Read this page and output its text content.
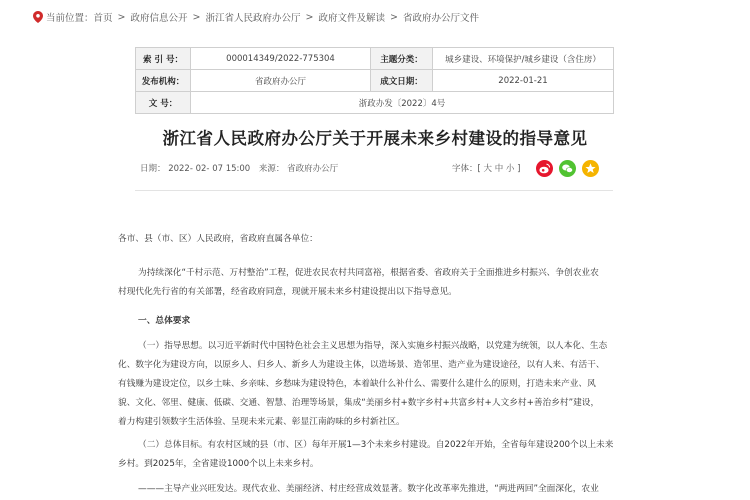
当前位置： 首页 > 政府信息公开 > 浙江省人民政府办公厅 > 政府文件及解读 > 省政府办公厅文件
索 引 号：	000014349/2022-775304	主题分类：	城乡建设、环境保护/城乡建设（含住房）
发布机构：	省政府办公厅	成文日期：	2022-01-21
文 号：	浙政办发〔2022〕4号		
浙江省人民政府办公厅关于开展未来乡村建设的指导意见
日期： 2022- 02- 07 15:00 来源： 省政府办公厅	字体：[ 大 中 小 ]

各市、县（市、区）人民政府，省政府直属各单位：

为持续深化“千村示范、万村整治”工程，促进农民农村共同富裕，根据省委、省政府关于全面推进乡村振兴、争创农业农

村现代化先行省的有关部署，经省政府同意，现就开展未来乡村建设提出以下指导意见。

一、总体要求

（一）指导思想。以习近平新时代中国特色社会主义思想为指导，深入实施乡村振兴战略，以党建为统领，以人本化、生态

化、数字化为建设方向，以原乡人、归乡人、新乡人为建设主体，以造场景、造邻里、造产业为建设途径，以有人来、有活干、

有钱赚为建设定位，以乡土味、乡亲味、乡愁味为建设特色，本着缺什么补什么、需要什么建什么的原则，打造未来产业、风

貌、文化、邻里、健康、低碳、交通、智慧、治理等场景，集成“美丽乡村+数字乡村+共富乡村+人文乡村+善治乡村”建设，

着力构建引领数字生活体验、呈现未来元素、彰显江南韵味的乡村新社区。

（二）总体目标。有农村区域的县（市、区）每年开展1—3个未来乡村建设。自2022年开始，全省每年建设200个以上未来

乡村。到2025年，全省建设1000个以上未来乡村。

———主导产业兴旺发达。现代农业、美丽经济、村庄经营成效显著。数字化改革率先推进，“两进两回”全面深化，农业
